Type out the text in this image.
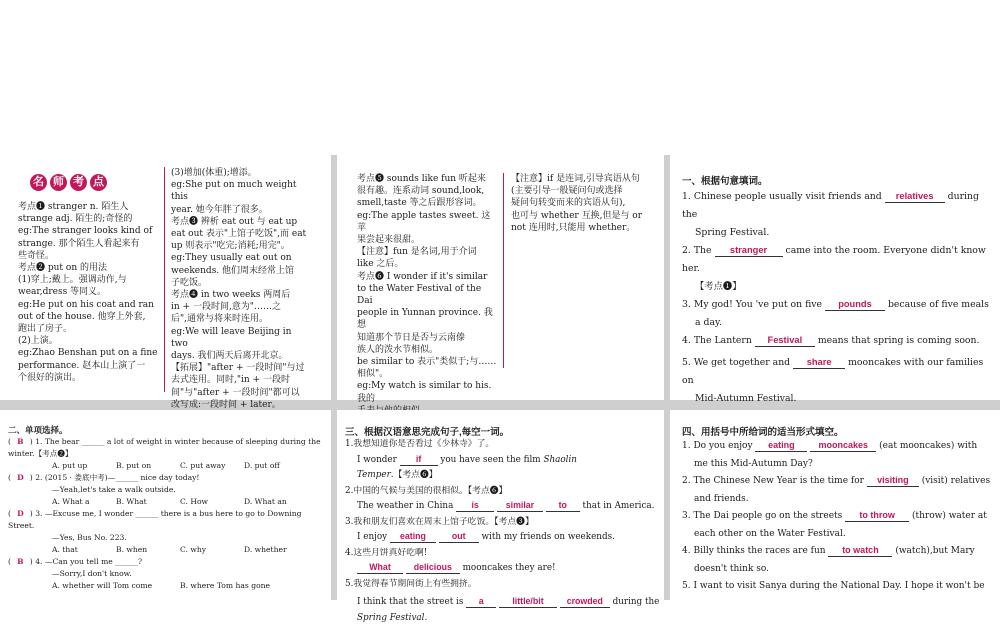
名 师 考 点

考点❶ stranger n. 陌生人

strange adj. 陌生的;奇怪的

eg:The stranger looks kind of

strange. 那个陌生人看起来有

些奇怪。

考点❷ put on 的用法

(1)穿上;戴上。强调动作,与

wear,dress 等同义。

eg:He put on his coat and ran

out of the house. 他穿上外套,

跑出了房子。

(2)上演。

eg:Zhao Benshan put on a fine

performance. 赵本山上演了一

个很好的演出。

(3)增加(体重);增添。

eg:She put on much weight this

year. 她今年胖了很多。

考点❸ 辨析 eat out 与 eat up

eat out 表示"上馆子吃饭",而 eat

up 则表示"吃完;消耗;用完"。

eg:They usually eat out on

weekends. 他们周末经常上馆

子吃饭。

考点❹ in two weeks 两周后

in + 一段时间,意为"……之

后",通常与将来时连用。

eg:We will leave Beijing in two

days. 我们两天后离开北京。

【拓展】"after + 一段时间"与过

去式连用。同时,"in + 一段时

间"与"after + 一段时间"都可以

改写成:一段时间 + later。

考点❺ sounds like fun 听起来

很有趣。连系动词 sound,look,

smell,taste 等之后跟形容词。

eg:The apple tastes sweet. 这苹

果尝起来很甜。

【注意】fun 是名词,用于介词

like 之后。

考点❻ I wonder if it's similar

to the Water Festival of the Dai

people in Yunnan province. 我想

知道那个节日是否与云南傣

族人的泼水节相似。

be similar to 表示"类似于;与……

相似"。

eg:My watch is similar to his. 我的

【注意】if 是连词,引导宾语从句

(主要引导一般疑问句或选择

疑问句转变而来的宾语从句),

也可与 whether 互换,但是与 or

not 连用时,只能用 whether。

一、根据句意填词。

1. Chinese people usually visit friends and relatives during the

Spring Festival.

2. The stranger came into the room. Everyone didn't know her.

【考点❶】

3. My god! You 've put on five pounds because of five meals

a day.

4. The Lantern Festival means that spring is coming soon.

5. We get together and share mooncakes with our families on

Mid-Autumn Festival.

二、单项选择。

( B ) 1. The bear ______ a lot of weight in winter because of sleeping during the winter.【考点❷】

A. put up	B. put on	C. put away D. put off

( D ) 2. (2015 · 娄底中考)—______ nice day today!

—Yeah,let's take a walk outside.

A. What a	B. What	C. How	D. What an

( D ) 3. —Excuse me, I wonder ______ there is a bus here to go to Downing Street.

—Yes, Bus No. 223.

A. that	B. when	C. why	D. whether

( B ) 4. —Can you tell me ______?

—Sorry,I don't know.

A. whether will Tom come	B. where Tom has gone

三、根据汉语意思完成句子,每空一词。

1.我想知道你是否看过《少林寺》了。

I wonder if you have seen the film Shaolin Temper.【考点❻】

2.中国的气候与美国的很相似。【考点❻】

The weather in China is	similar	to that in America.

3.我和朋友们喜欢在周末上馆子吃饭。【考点❸】

I enjoy eating	out with my friends on weekends.

4.这些月饼真好吃啊!

What	delicious mooncakes they are!

5.我觉得春节期间街上有些拥挤。

I think that the street is a	little/bit	crowded during the

Spring Festival.

四、用括号中所给词的适当形式填空。

1. Do you enjoy eating	mooncakes (eat mooncakes) with

me this Mid-Autumn Day?

2. The Chinese New Year is the time for visiting (visit) relatives

and friends.

3. The Dai people go on the streets to throw (throw) water at

each other on the Water Festival.

4. Billy thinks the races are fun to watch (watch),but Mary

doesn't think so.

5. I want to visit Sanya during the National Day. I hope it won't be
